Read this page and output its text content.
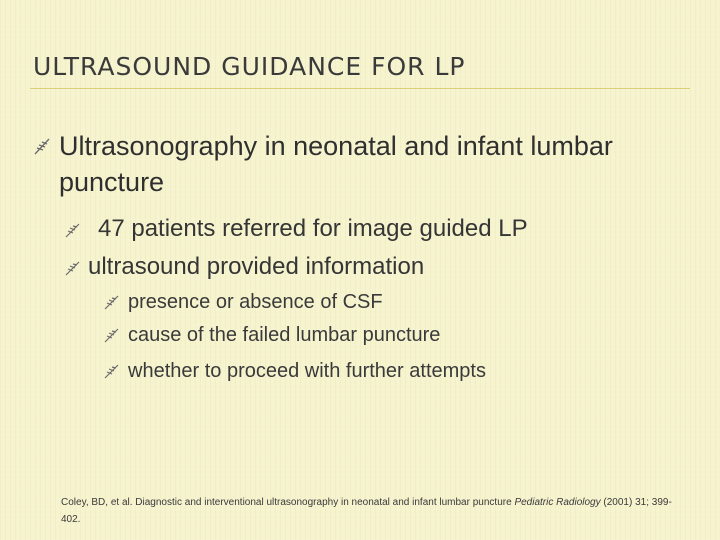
ULTRASOUND GUIDANCE FOR LP
Ultrasonography in neonatal and infant lumbar puncture
47 patients referred for image guided LP
ultrasound provided information
presence or absence of CSF
cause of the failed lumbar puncture
whether to proceed with further attempts
Coley, BD, et al. Diagnostic and interventional ultrasonography in neonatal and infant lumbar puncture Pediatric Radiology (2001) 31; 399-402.
